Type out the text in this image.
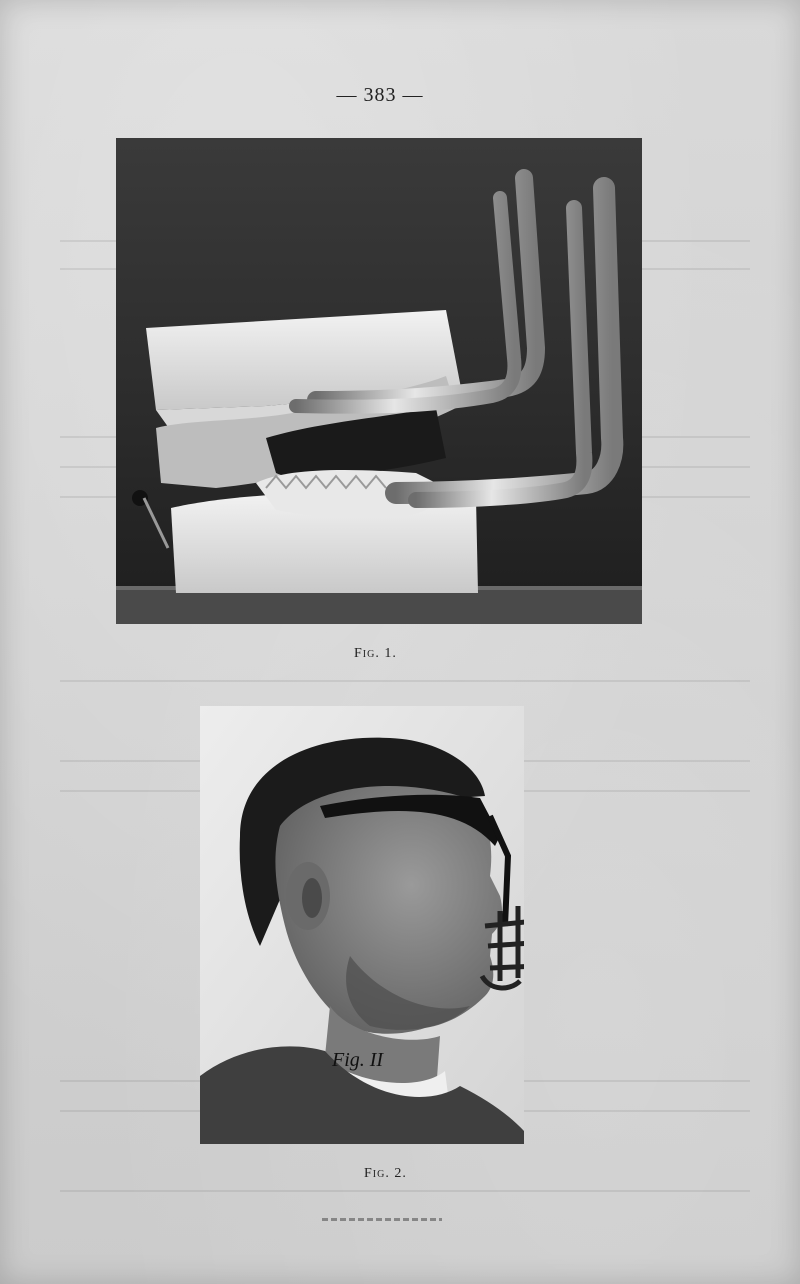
— 383 —
Fig. 1.
Fig. II
Fig. 2.
